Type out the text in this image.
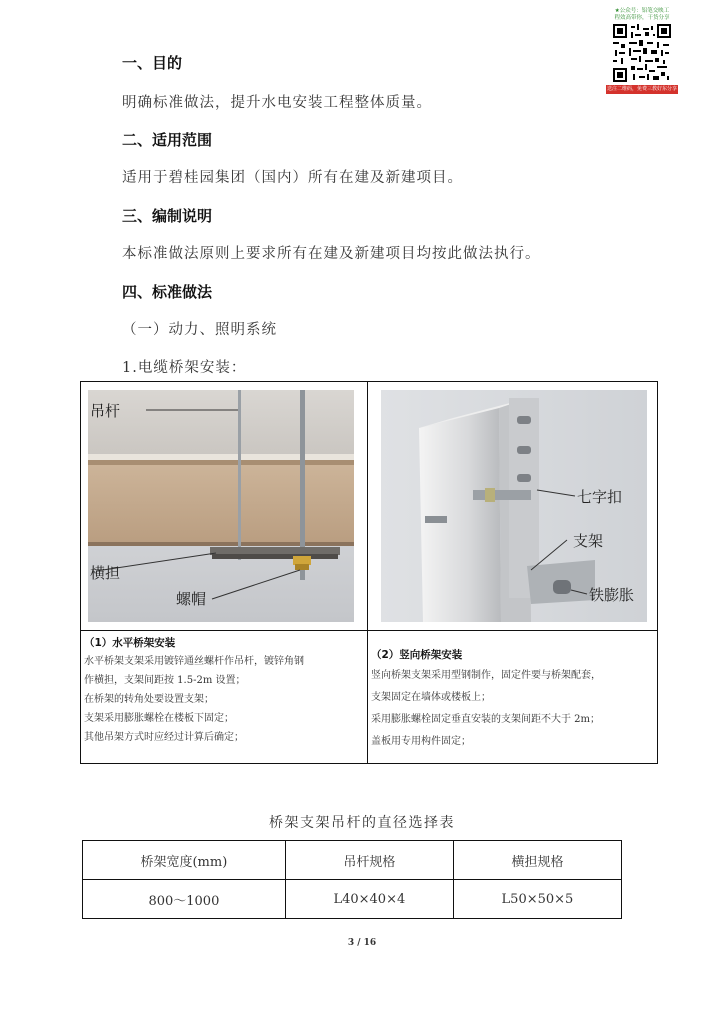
★公众号：铝笔交映工
程效高带你，干货分享
送注二维码，免费三教好东分享
一、目的
明确标准做法，提升水电安装工程整体质量。
二、适用范围
适用于碧桂园集团（国内）所有在建及新建项目。
三、编制说明
本标准做法原则上要求所有在建及新建项目均按此做法执行。
四、标准做法
（一）动力、照明系统
1.电缆桥架安装：
吊杆
横担
螺帽
七字扣
支架
铁膨胀
（1）水平桥架安装
水平桥架支架采用镀锌通丝螺杆作吊杆，镀锌角钢
作横担，支架间距按 1.5-2m 设置；
在桥架的转角处要设置支架；
支架采用膨胀螺栓在楼板下固定；
其他吊架方式时应经过计算后确定；
（2）竖向桥架安装
竖向桥架支架采用型钢制作，固定件要与桥架配套，
支架固定在墙体或楼板上；
采用膨胀螺栓固定垂直安装的支架间距不大于 2m；
盖板用专用构件固定；
桥架支架吊杆的直径选择表
桥架宽度(mm)	吊杆规格	横担规格
800～1000	L40×40×4	L50×50×5
3 / 16
